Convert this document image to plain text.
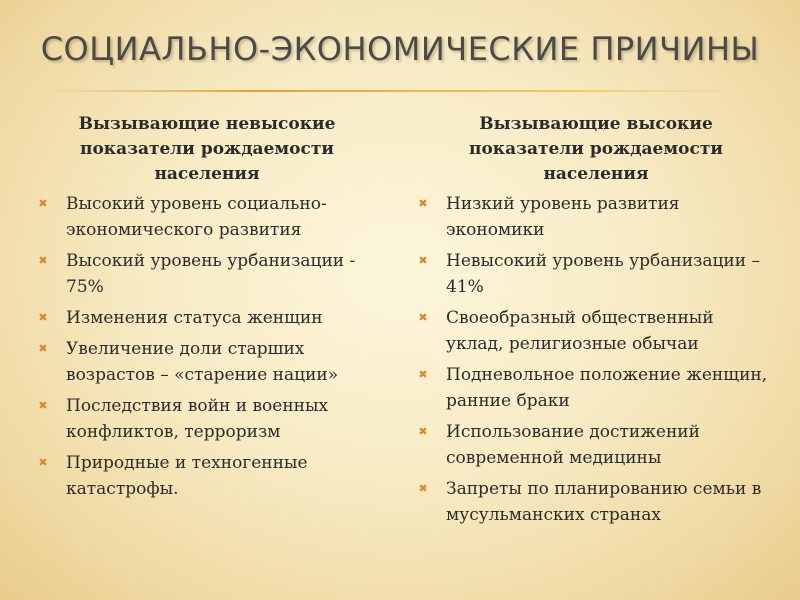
СОЦИАЛЬНО-ЭКОНОМИЧЕСКИЕ ПРИЧИНЫ
Вызывающие невысокие показатели рождаемости населения
✖ Высокий уровень социально-экономического развития
✖ Высокий уровень урбанизации - 75%
✖ Изменения статуса женщин
✖ Увеличение доли старших возрастов – «старение нации»
✖ Последствия войн и военных конфликтов, терроризм
✖ Природные и техногенные катастрофы.
Вызывающие высокие показатели рождаемости населения
✖ Низкий уровень развития экономики
✖ Невысокий уровень урбанизации – 41%
✖ Своеобразный общественный уклад, религиозные обычаи
✖ Подневольное положение женщин, ранние браки
✖ Использование достижений современной медицины
✖ Запреты по планированию семьи в мусульманских странах
